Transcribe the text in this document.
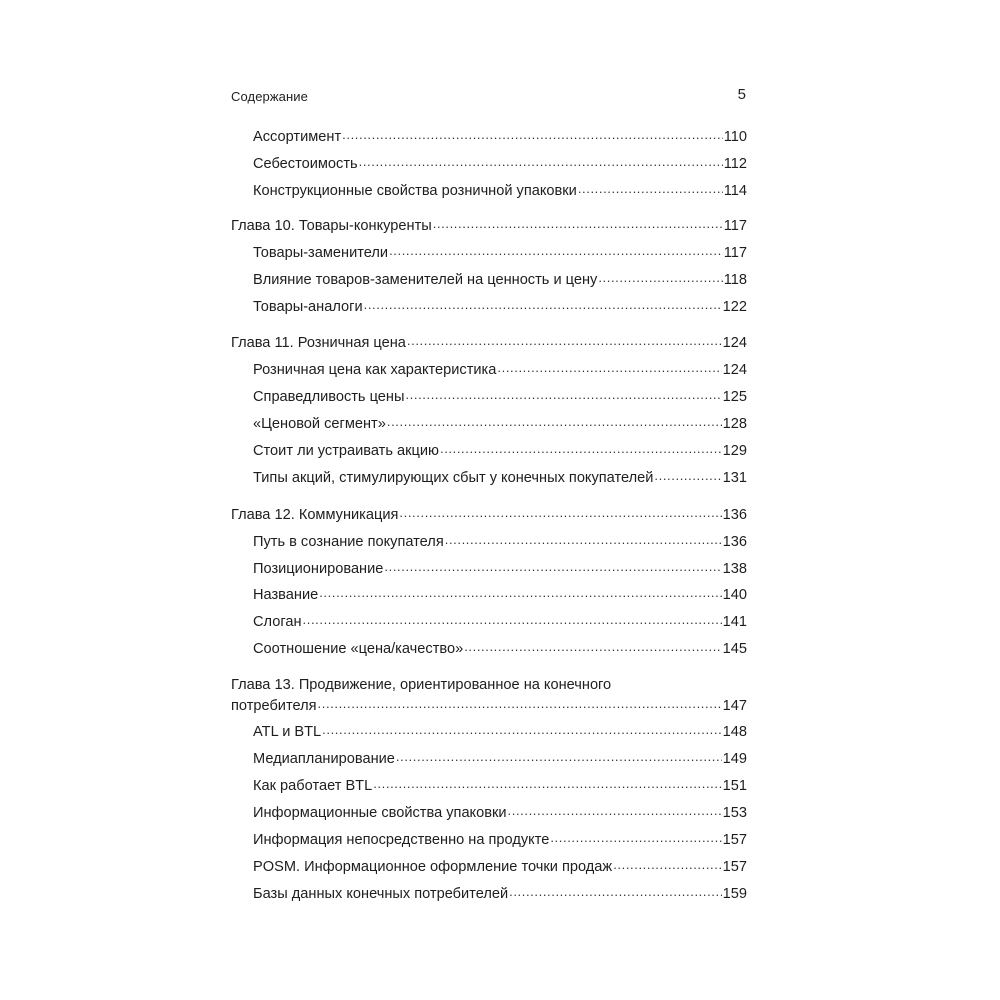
Содержание	5
Ассортимент .....	110
Себестоимость .....	112
Конструкционные свойства розничной упаковки .....	114
Глава 10. Товары-конкуренты .....	117
Товары-заменители .....	117
Влияние товаров-заменителей на ценность и цену .....	118
Товары-аналоги .....	122
Глава 11. Розничная цена .....	124
Розничная цена как характеристика .....	124
Справедливость цены .....	125
«Ценовой сегмент» .....	128
Стоит ли устраивать акцию .....	129
Типы акций, стимулирующих сбыт у конечных покупателей .....	131
Глава 12. Коммуникация .....	136
Путь в сознание покупателя .....	136
Позиционирование .....	138
Название .....	140
Слоган .....	141
Соотношение «цена/качество» .....	145
Глава 13. Продвижение, ориентированное на конечного
потребителя .....	147
ATL и BTL .....	148
Медиапланирование .....	149
Как работает BTL .....	151
Информационные свойства упаковки .....	153
Информация непосредственно на продукте .....	157
POSM. Информационное оформление точки продаж .....	157
Базы данных конечных потребителей .....	159
